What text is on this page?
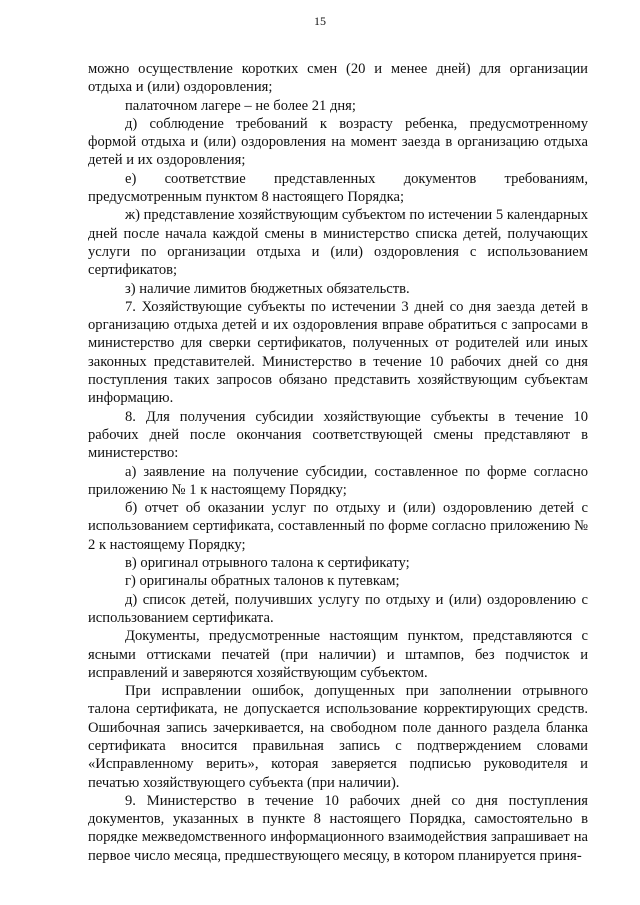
15

можно осуществление коротких смен (20 и менее дней) для организации отдыха и (или) оздоровления;

палаточном лагере – не более 21 дня;

д) соблюдение требований к возрасту ребенка, предусмотренному формой отдыха и (или) оздоровления на момент заезда в организацию отдыха детей и их оздоровления;

е) соответствие представленных документов требованиям, предусмотренным пунктом 8 настоящего Порядка;

ж) представление хозяйствующим субъектом по истечении 5 календарных дней после начала каждой смены в министерство списка детей, получающих услуги по организации отдыха и (или) оздоровления с использованием сертификатов;

з) наличие лимитов бюджетных обязательств.

7. Хозяйствующие субъекты по истечении 3 дней со дня заезда детей в организацию отдыха детей и их оздоровления вправе обратиться с запросами в министерство для сверки сертификатов, полученных от родителей или иных законных представителей. Министерство в течение 10 рабочих дней со дня поступления таких запросов обязано представить хозяйствующим субъектам информацию.

8. Для получения субсидии хозяйствующие субъекты в течение 10 рабочих дней после окончания соответствующей смены представляют в министерство:

а) заявление на получение субсидии, составленное по форме согласно приложению № 1 к настоящему Порядку;

б) отчет об оказании услуг по отдыху и (или) оздоровлению детей с использованием сертификата, составленный по форме согласно приложению № 2 к настоящему Порядку;

в) оригинал отрывного талона к сертификату;

г) оригиналы обратных талонов к путевкам;

д) список детей, получивших услугу по отдыху и (или) оздоровлению с использованием сертификата.

Документы, предусмотренные настоящим пунктом, представляются с ясными оттисками печатей (при наличии) и штампов, без подчисток и исправлений и заверяются хозяйствующим субъектом.

При исправлении ошибок, допущенных при заполнении отрывного талона сертификата, не допускается использование корректирующих средств. Ошибочная запись зачеркивается, на свободном поле данного раздела бланка сертификата вносится правильная запись с подтверждением словами «Исправленному верить», которая заверяется подписью руководителя и печатью хозяйствующего субъекта (при наличии).

9. Министерство в течение 10 рабочих дней со дня поступления документов, указанных в пункте 8 настоящего Порядка, самостоятельно в порядке межведомственного информационного взаимодействия запрашивает на первое число месяца, предшествующего месяцу, в котором планируется приня-
